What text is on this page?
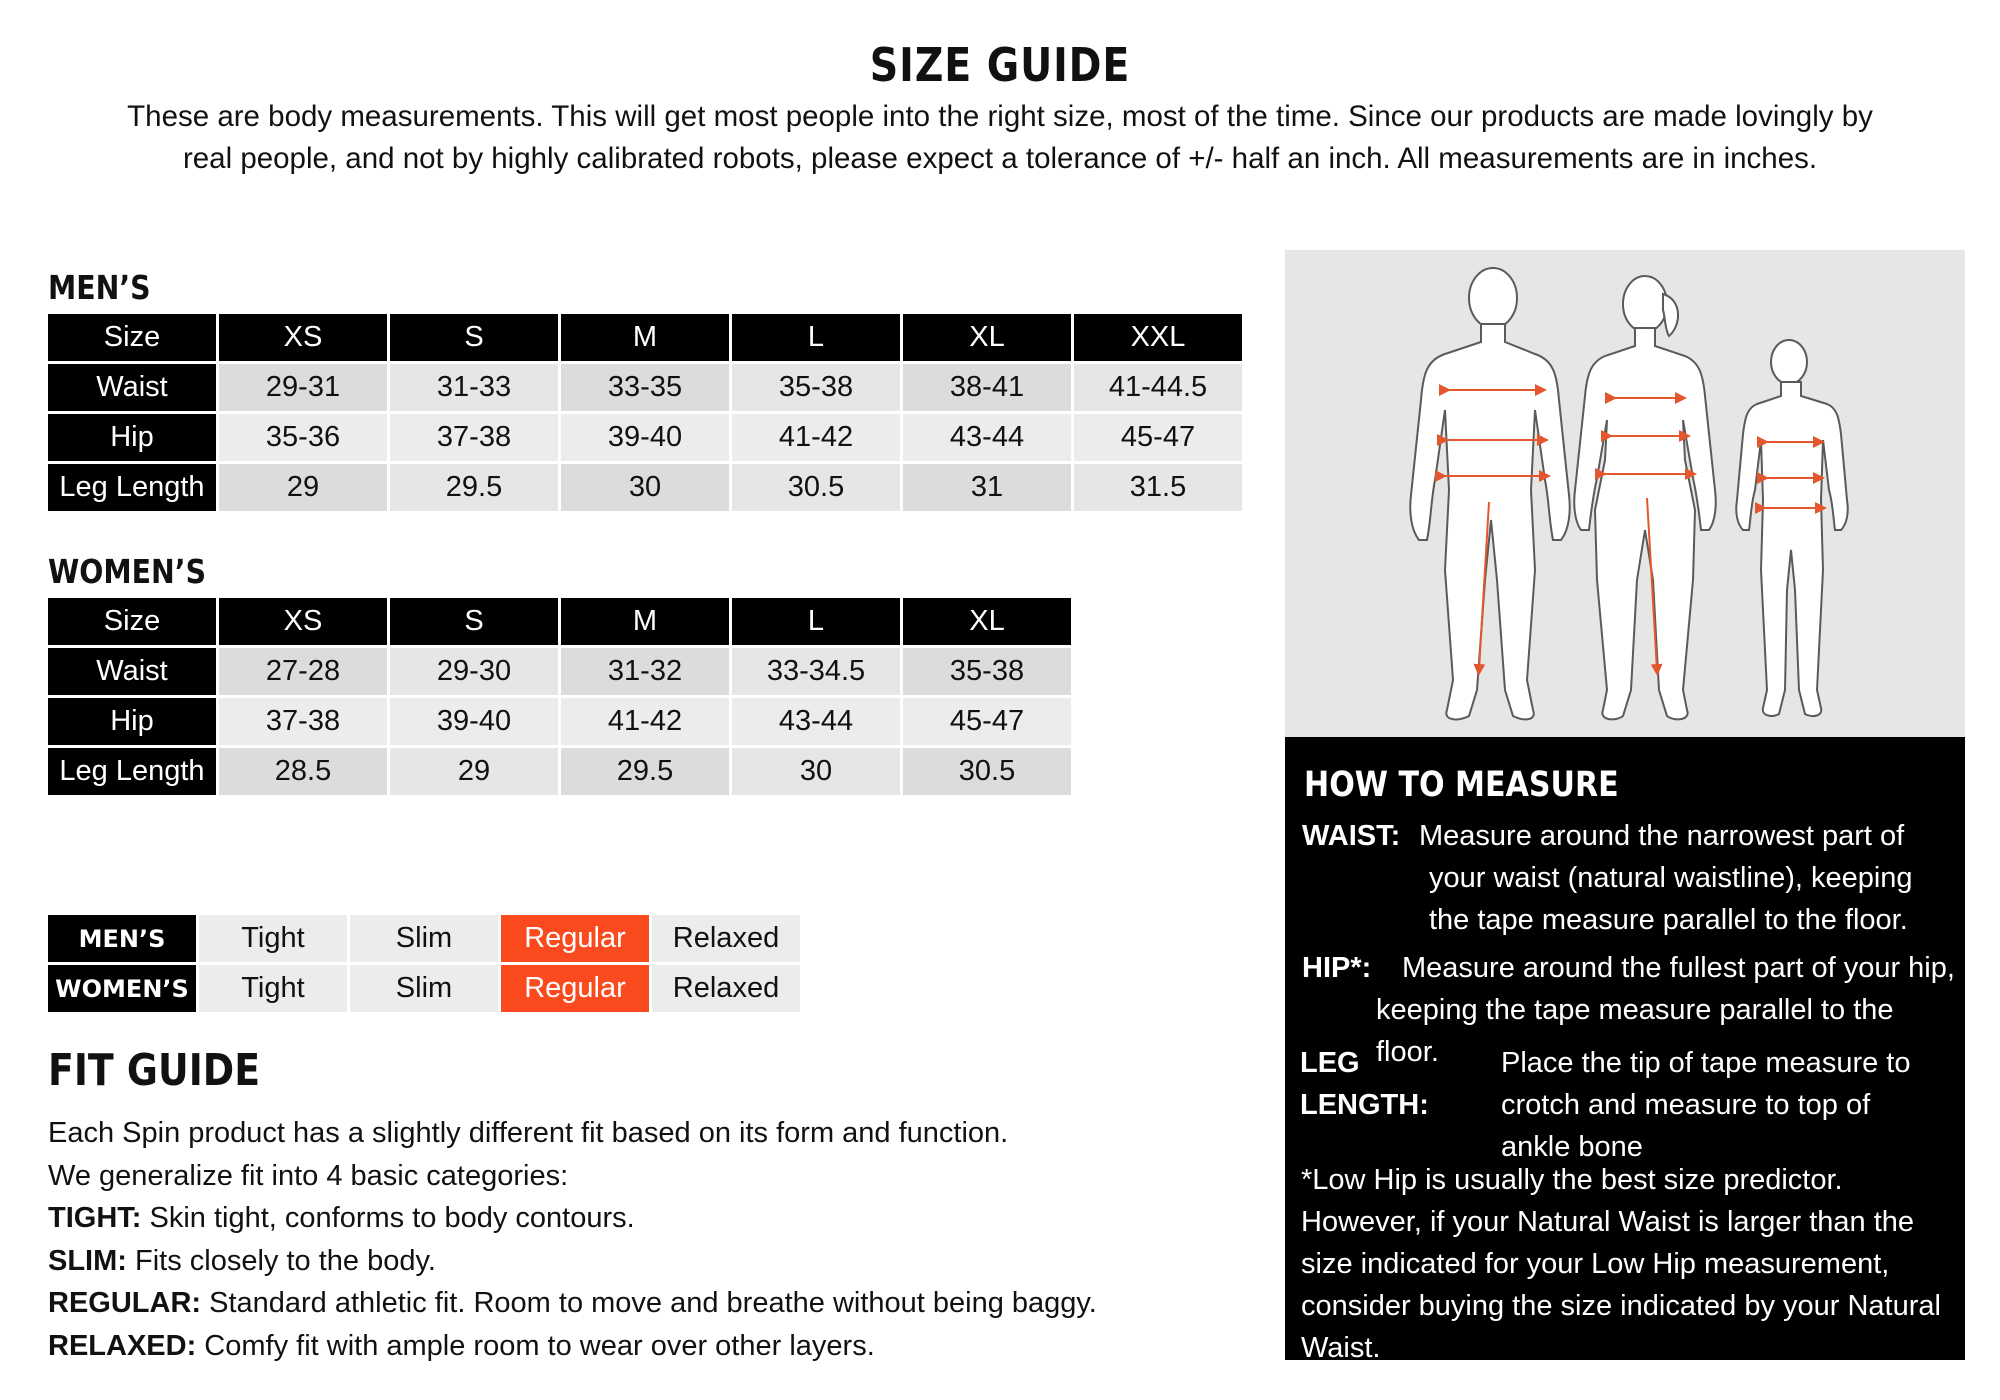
SIZE GUIDE
These are body measurements. This will get most people into the right size, most of the time. Since our products are made lovingly by real people, and not by highly calibrated robots, please expect a tolerance of +/- half an inch. All measurements are in inches.
MEN’S
Size	XS	S	M	L	XL	XXL
Waist	29-31	31-33	33-35	35-38	38-41	41-44.5
Hip	35-36	37-38	39-40	41-42	43-44	45-47
Leg Length	29	29.5	30	30.5	31	31.5
WOMEN’S
Size	XS	S	M	L	XL
Waist	27-28	29-30	31-32	33-34.5	35-38
Hip	37-38	39-40	41-42	43-44	45-47
Leg Length	28.5	29	29.5	30	30.5
MEN’S	Tight	Slim	Regular	Relaxed
WOMEN’S	Tight	Slim	Regular	Relaxed
FIT GUIDE
Each Spin product has a slightly different fit based on its form and function.
We generalize fit into 4 basic categories:
TIGHT: Skin tight, conforms to body contours.
SLIM: Fits closely to the body.
REGULAR: Standard athletic fit. Room to move and breathe without being baggy.
RELAXED: Comfy fit with ample room to wear over other layers.
HOW TO MEASURE
WAIST: Measure around the narrowest part of
your waist (natural waistline), keeping
the tape measure parallel to the floor.
HIP*: Measure around the fullest part of your hip,
keeping the tape measure parallel to the floor.
LEG LENGTH:
Place the tip of tape measure to
crotch and measure to top of
ankle bone
*Low Hip is usually the best size predictor. However, if your Natural Waist is larger than the size indicated for your Low Hip measurement, consider buying the size indicated by your Natural Waist.
